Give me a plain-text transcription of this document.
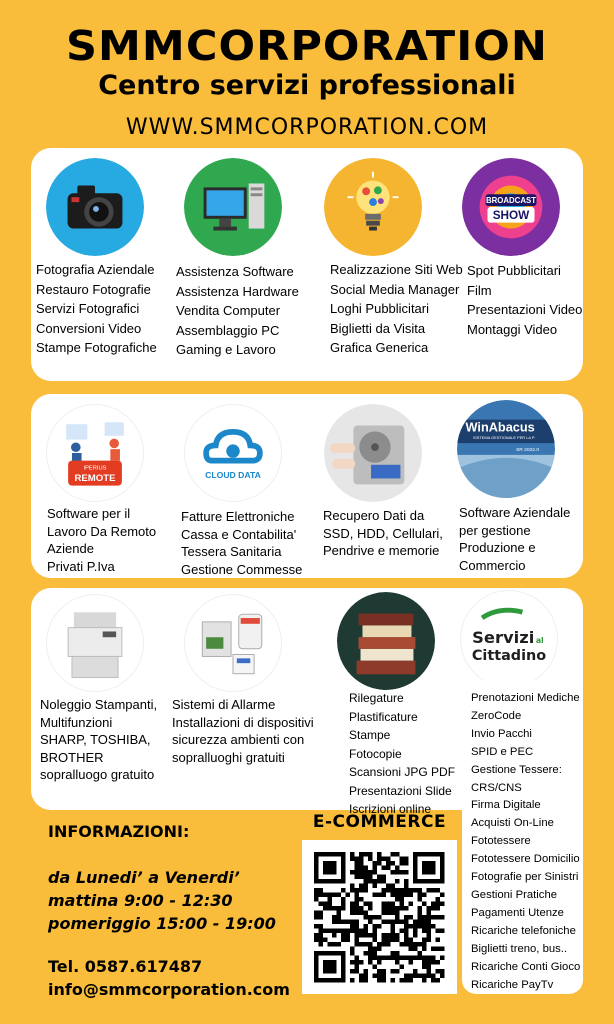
SMMCORPORATION
Centro servizi professionali
WWW.SMMCORPORATION.COM
BROADCAST
SHOW
Fotografia Aziendale
Restauro Fotografie
Servizi Fotografici
Conversioni Video
Stampe Fotografiche
Assistenza Software
Assistenza Hardware
Vendita Computer
Assemblaggio PC
Gaming e Lavoro
Realizzazione Siti Web
Social Media Manager
Loghi Pubblicitari
Biglietti da Visita
Grafica Generica
Spot Pubblicitari
Film
Presentazioni Video
Montaggi Video
IPERIUS
REMOTE	CLOUD DATA
WinAbacus
SISTEMA GESTIONALE PER LA P.
SR 2022.0
Software per il
Lavoro Da Remoto
Aziende
Privati P.Iva
Fatture Elettroniche
Cassa e Contabilita'
Tessera Sanitaria
Gestione Commesse
Recupero Dati da
SSD, HDD, Cellulari,
Pendrive e memorie
Software Aziendale
per gestione
Produzione e
Commercio
Servizi al
Cittadino
Noleggio Stampanti,
Multifunzioni
SHARP, TOSHIBA,
BROTHER
sopralluogo gratuito
Sistemi di Allarme
Installazioni di dispositivi
sicurezza ambienti con
sopralluoghi gratuiti
Rilegature
Plastificature
Stampe
Fotocopie
Scansioni JPG PDF
Presentazioni Slide
Iscrizioni online
Prenotazioni Mediche
ZeroCode
Invio Pacchi
SPID e PEC
Gestione Tessere:
CRS/CNS
Firma Digitale
Acquisti On-Line
Fototessere
Fototessere Domicilio
Fotografie per Sinistri
Gestioni Pratiche
Pagamenti Utenze
Ricariche telefoniche
Biglietti treno, bus..
Ricariche Conti Gioco
Ricariche PayTv
INFORMAZIONI:
da Lunedi’ a Venerdi’
mattina 9:00 - 12:30
pomeriggio 15:00 - 19:00
Tel. 0587.617487
info@smmcorporation.com
E-COMMERCE
